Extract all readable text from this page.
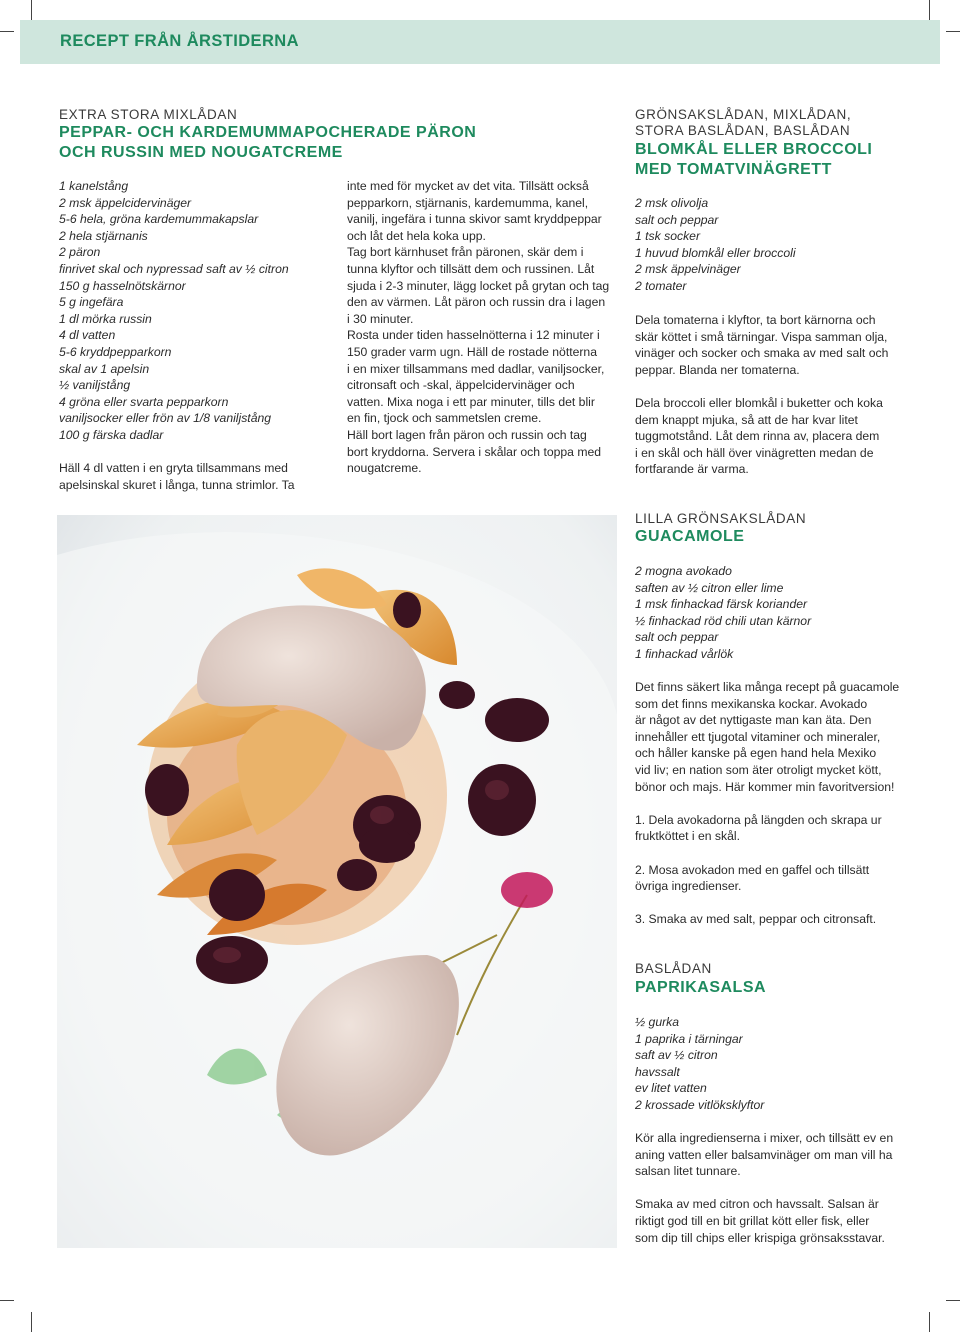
RECEPT FRÅN ÅRSTIDERNA
EXTRA STORA MIXLÅDAN
PEPPAR- OCH KARDEMUMMAPOCHERADE PÄRON
OCH RUSSIN MED NOUGATCREME
1 kanelstång
2 msk äppelcidervinäger
5-6 hela, gröna kardemummakapslar
2 hela stjärnanis
2 päron
finrivet skal och nypressad saft av ½ citron
150 g hasselnötskärnor
5 g ingefära
1 dl mörka russin
4 dl vatten
5-6 kryddpepparkorn
skal av 1 apelsin
½ vaniljstång
4 gröna eller svarta pepparkorn
vaniljsocker eller frön av 1/8 vaniljstång
100 g färska dadlar
Häll 4 dl vatten i en gryta tillsammans med
apelsinskal skuret i långa, tunna strimlor. Ta
inte med för mycket av det vita. Tillsätt också
pepparkorn, stjärnanis, kardemumma, kanel,
vanilj, ingefära i tunna skivor samt kryddpeppar
och låt det hela koka upp.
Tag bort kärnhuset från päronen, skär dem i
tunna klyftor och tillsätt dem och russinen. Låt
sjuda i 2-3 minuter, lägg locket på grytan och tag
den av värmen. Låt päron och russin dra i lagen
i 30 minuter.
Rosta under tiden hasselnötterna i 12 minuter i
150 grader varm ugn. Häll de rostade nötterna
i en mixer tillsammans med dadlar, vaniljsocker,
citronsaft och -skal, äppelcidervinäger och
vatten. Mixa noga i ett par minuter, tills det blir
en fin, tjock och sammetslen creme.
Häll bort lagen från päron och russin och tag
bort kryddorna. Servera i skålar och toppa med
nougatcreme.
GRÖNSAKSLÅDAN, MIXLÅDAN,
STORA BASLÅDAN, BASLÅDAN
BLOMKÅL ELLER BROCCOLI
MED TOMATVINÄGRETT
2 msk olivolja
salt och peppar
1 tsk socker
1 huvud blomkål eller broccoli
2 msk äppelvinäger
2 tomater

Dela tomaterna i klyftor, ta bort kärnorna och
skär köttet i små tärningar. Vispa samman olja,
vinäger och socker och smaka av med salt och
peppar. Blanda ner tomaterna.

Dela broccoli eller blomkål i buketter och koka
dem knappt mjuka, så att de har kvar litet
tuggmotstånd. Låt dem rinna av, placera dem
i en skål och häll över vinägretten medan de
fortfarande är varma.

LILLA GRÖNSAKSLÅDAN
GUACAMOLE
2 mogna avokado
saften av ½ citron eller lime
1 msk finhackad färsk koriander
½ finhackad röd chili utan kärnor
salt och peppar
1 finhackad vårlök

Det finns säkert lika många recept på guacamole
som det finns mexikanska kockar. Avokado
är något av det nyttigaste man kan äta. Den
innehåller ett tjugotal vitaminer och mineraler,
och håller kanske på egen hand hela Mexiko
vid liv; en nation som äter otroligt mycket kött,
bönor och majs. Här kommer min favoritversion!

1. Dela avokadorna på längden och skrapa ur
fruktköttet i en skål.

2. Mosa avokadon med en gaffel och tillsätt
övriga ingredienser.

3. Smaka av med salt, peppar och citronsaft.

BASLÅDAN
PAPRIKASALSA
½ gurka
1 paprika i tärningar
saft av ½ citron
havssalt
ev litet vatten
2 krossade vitlöksklyftor

Kör alla ingredienserna i mixer, och tillsätt ev en
aning vatten eller balsamvinäger om man vill ha
salsan litet tunnare.

Smaka av med citron och havssalt. Salsan är
riktigt god till en bit grillat kött eller fisk, eller
som dip till chips eller krispiga grönsaksstavar.
